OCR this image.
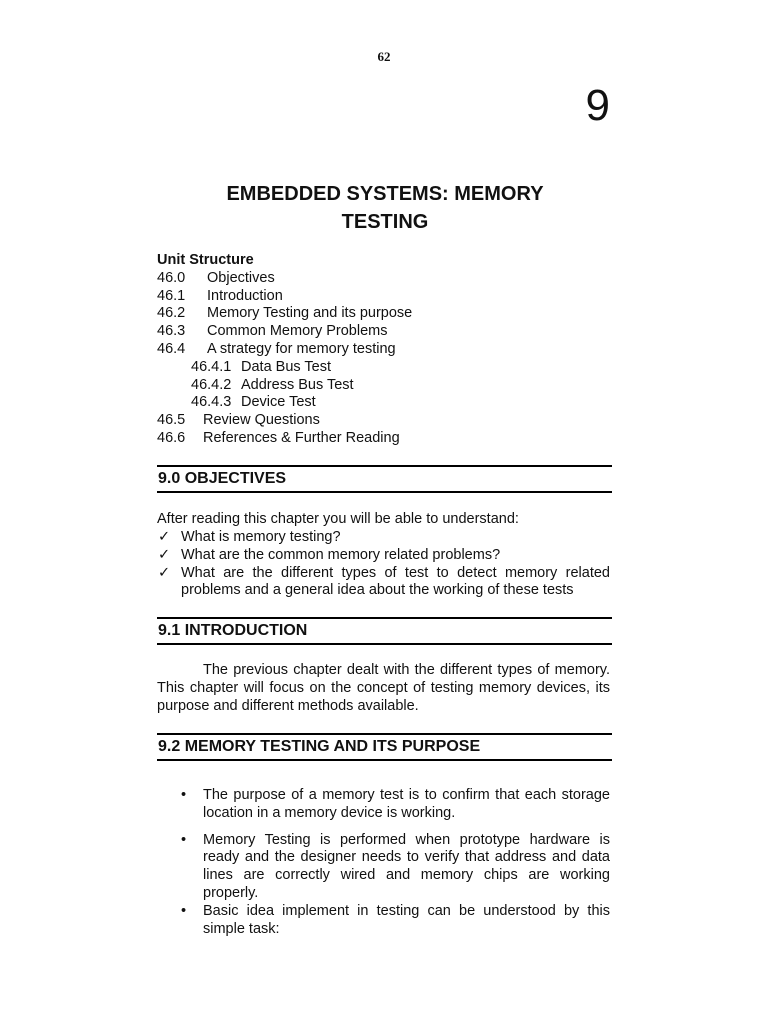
62
9
EMBEDDED SYSTEMS: MEMORY
TESTING
Unit Structure
46.0 Objectives
46.1 Introduction
46.2 Memory Testing and its purpose
46.3 Common Memory Problems
46.4 A strategy for memory testing
46.4.1 Data Bus Test
46.4.2 Address Bus Test
46.4.3 Device Test
46.5 Review Questions
46.6 References & Further Reading
9.0 OBJECTIVES
After reading this chapter you will be able to understand:
✓ What is memory testing?
✓ What are the common memory related problems?
✓ What are the different types of test to detect memory related problems and a general idea about the working of these tests
9.1 INTRODUCTION
The previous chapter dealt with the different types of memory. This chapter will focus on the concept of testing memory devices, its purpose and different methods available.
9.2 MEMORY TESTING AND ITS PURPOSE
• The purpose of a memory test is to confirm that each storage location in a memory device is working.
• Memory Testing is performed when prototype hardware is ready and the designer needs to verify that address and data lines are correctly wired and memory chips are working properly.
• Basic idea implement in testing can be understood by this simple task:
